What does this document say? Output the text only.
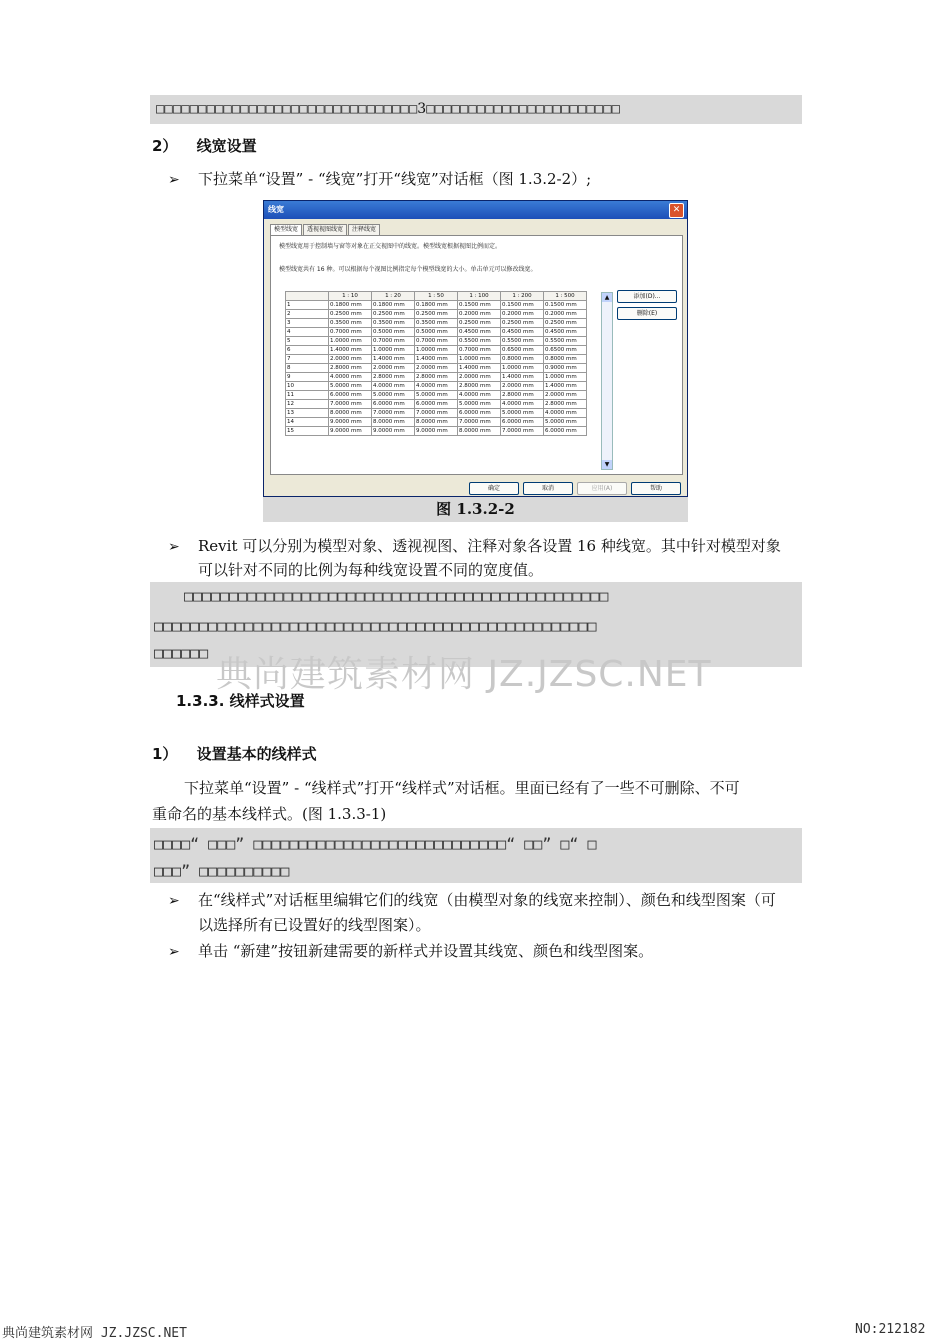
□□□□□□□□□□□□□□□□□□□□□□□□□□□□□□□3□□□□□□□□□□□□□□□□□□□□□□□
2） 线宽设置
➢ 下拉菜单“设置” - “线宽”打开“线宽”对话框（图 1.3.2-2）;
线宽	✕
模型线宽 透视视图线宽 注释线宽
模型线宽用于控制墙与窗等对象在正交视图中的线宽。模型线宽根据视图比例而定。
模型线宽共有 16 种。可以根据每个视图比例指定每个模型线宽的大小。单击单元可以修改线宽。
	1 : 10	1 : 20	1 : 50	1 : 100	1 : 200	1 : 500
1	0.1800 mm	0.1800 mm	0.1800 mm	0.1500 mm	0.1500 mm	0.1500 mm
2	0.2500 mm	0.2500 mm	0.2500 mm	0.2000 mm	0.2000 mm	0.2000 mm
3	0.3500 mm	0.3500 mm	0.3500 mm	0.2500 mm	0.2500 mm	0.2500 mm
4	0.7000 mm	0.5000 mm	0.5000 mm	0.4500 mm	0.4500 mm	0.4500 mm
5	1.0000 mm	0.7000 mm	0.7000 mm	0.5500 mm	0.5500 mm	0.5500 mm
6	1.4000 mm	1.0000 mm	1.0000 mm	0.7000 mm	0.6500 mm	0.6500 mm
7	2.0000 mm	1.4000 mm	1.4000 mm	1.0000 mm	0.8000 mm	0.8000 mm
8	2.8000 mm	2.0000 mm	2.0000 mm	1.4000 mm	1.0000 mm	0.9000 mm
9	4.0000 mm	2.8000 mm	2.8000 mm	2.0000 mm	1.4000 mm	1.0000 mm
10	5.0000 mm	4.0000 mm	4.0000 mm	2.8000 mm	2.0000 mm	1.4000 mm
11	6.0000 mm	5.0000 mm	5.0000 mm	4.0000 mm	2.8000 mm	2.0000 mm
12	7.0000 mm	6.0000 mm	6.0000 mm	5.0000 mm	4.0000 mm	2.8000 mm
13	8.0000 mm	7.0000 mm	7.0000 mm	6.0000 mm	5.0000 mm	4.0000 mm
14	9.0000 mm	8.0000 mm	8.0000 mm	7.0000 mm	6.0000 mm	5.0000 mm
15	9.0000 mm	9.0000 mm	9.0000 mm	8.0000 mm	7.0000 mm	6.0000 mm
▲
▼
添加(D)...
删除(E)
确定	取消	应用(A)	帮助
图 1.3.2-2
➢ Revit 可以分别为模型对象、透视视图、注释对象各设置 16 种线宽。其中针对模型对象
可以针对不同的比例为每种线宽设置不同的宽度值。
□□□□□□□□□□□□□□□□□□□□□□□□□□□□□□□□□□□□□□□□□□□□□□□
□□□□□□□□□□□□□□□□□□□□□□□□□□□□□□□□□□□□□□□□□□□□□□□□□
□□□□□□
典尚建筑素材网 JZ.JZSC.NET
1.3.3. 线样式设置
1） 设置基本的线样式
下拉菜单“设置” - “线样式”打开“线样式”对话框。里面已经有了一些不可删除、不可
重命名的基本线样式。(图 1.3.3-1)
□□□□“ □□□” □□□□□□□□□□□□□□□□□□□□□□□□□□□□“ □□” □“ □
□□□” □□□□□□□□□□
➢ 在“线样式”对话框里编辑它们的线宽（由模型对象的线宽来控制）、颜色和线型图案（可
以选择所有已设置好的线型图案）。
➢ 单击 “新建”按钮新建需要的新样式并设置其线宽、颜色和线型图案。
典尚建筑素材网 JZ.JZSC.NET	NO:212182
